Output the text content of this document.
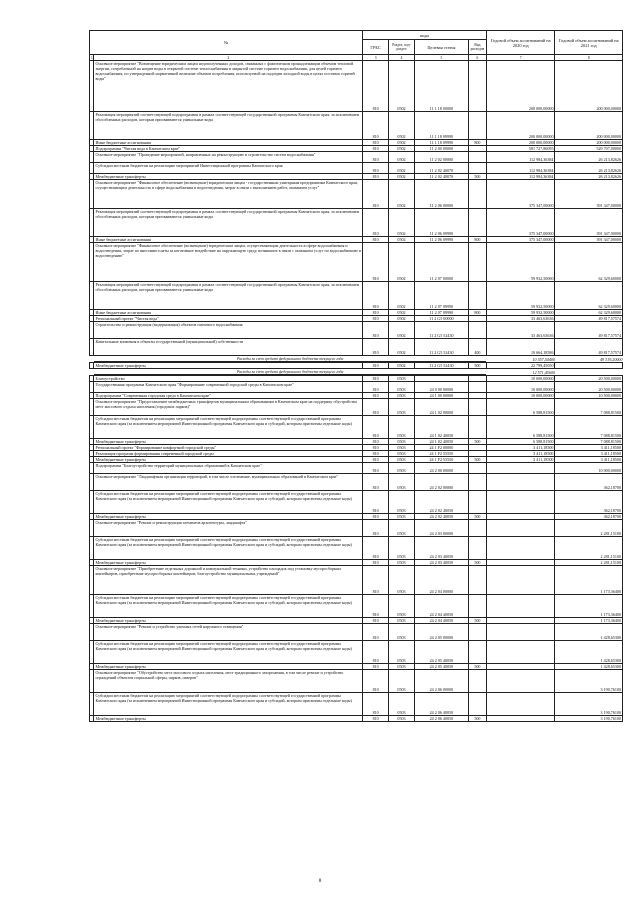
№		коды				Годовой объем ассигнований на 2020 год	Годовой объем ассигнований на 2021 год
		ГРБС	Раздел, под-раздел	Целевая статья	Вид расходов		
1	2	3	4	5	6	7	8
	Основное мероприятие "Возмещение юридическим лицам недополученных доходов, связанных с фактическим принадлежащим объемом тепловой энергии, потребленной на нагрев воды в открытой системе теплоснабжения в закрытой системе горячего водоснабжения, для целей горячего водоснабжения, по утвержденной нормативной величине объемов потребления, используемой на подогрев холодной воды в целях поставок горячей воды"	810	0502	11 1 18 00000		200 000,00000	200 000,00000
	Реализация мероприятий соответствующей подпрограммы в рамках соответствующей государственной программы Камчатского края, за исключением обособленных расходов, которым присваиваются уникальные коды	810	0502	11 1 18 09990		200 000,00000	200 000,00000
	Иные бюджетные ассигнования	810	0502	11 1 18 09990	800	200 000,00000	200 000,00000
	Подпрограмма "Чистая вода в Камчатском крае"	810	0502	11 2 00 00000		581 727,86095	529 707,00000
	Основное мероприятие "Проведение мероприятий, направленных на реконструкцию и строительство систем водоснабжения"	810	0502	11 2 02 00000		112 984,36384	26 213,82626
	Субсидии местным бюджетам на реализацию мероприятий Инвестиционной программы Камчатского края	810	0502	11 2 02 40070		112 984,36384	26 213,82626
	Межбюджетные трансферты	810	0502	11 2 02 40070	500	112 984,36384	26 213,82626
	Основное мероприятие "Финансовое обеспечение (возмещение) юридическим лицам - государственным унитарным предприятиям Камчатского края, осуществляющим деятельность в сфере водоснабжения и водоотведения, затрат в связи с выполнением работ, оказанием услуг"	810	0502	11 2 06 00000		375 347,00000	391 347,00000
	Реализация мероприятий соответствующей подпрограммы в рамках соответствующей государственной программы Камчатского края, за исключением обособленных расходов, которым присваиваются уникальные коды	810	0502	11 2 06 09990		375 347,00000	391 347,00000
	Иные бюджетные ассигнования	810	0502	11 2 06 09990	800	375 347,00000	391 347,00000
	Основное мероприятие "Финансовое обеспечение (возмещение) юридическим лицам, осуществляющим деятельность в сфере водоснабжения и водоотведения, затрат по внесению платы за негативное воздействие на окружающую среду, возникших в связи с оказанием услуг по водоснабжению и водоотведению"	810	0502	11 2 07 00000		59 932,50000	62 329,60000
	Реализация мероприятий соответствующей подпрограммы в рамках соответствующей государственной программы Камчатского края, за исключением обособленных расходов, которым присваиваются уникальные коды	810	0502	11 2 07 09990		59 932,50000	62 329,60000
	Иные бюджетные ассигнования	810	0502	11 2 07 09990	800	59 932,50000	62 329,60000
	Региональный проект "Чистая вода"	810	0502	11 2 G5 00000		33 463,63636	49 817,57574
	Строительство и реконструкция (модернизация) объектов питьевого водоснабжения	810	0502	11 2 G5 52430		33 463,63636	49 817,57574
	Капитальные вложения в объекты государственной (муниципальной) собственности	810	0502	11 2 G5 52430	400	10 664,18586	49 817,57574

	Расходы за счет средств федерального бюджета текущего года					10 557,54400	49 319,20000
	Межбюджетные трансферты	810	0502	11 2 G5 52430	500	22 799,45050	

	Расходы за счет средств федерального бюджета текущего года					12 571,45600	
	Благоустройство	810	0503			10 000,00000	20 500,00000
	Государственная программа Камчатского края "Формирование современной городской среды в Камчатском крае"	810	0503	24 0 00 00000		10 000,00000	20 500,00000
	Подпрограмма "Современная городская среда в Камчатском крае"	810	0503	24 1 00 00000		10 000,00000	10 500,00000
	Основное мероприятие "Предоставление межбюджетных трансфертов муниципальным образованиям в Камчатском крае на поддержку обустройства мест массового отдыха населения (городских парков)"	810	0503	24 1 02 00000		6 588,81500	7 088,81500
	Субсидии местным бюджетам на реализацию мероприятий соответствующей подпрограммы соответствующей государственной программы Камчатского края (за исключением мероприятий Инвестиционной программы Камчатского края и субсидий, которым присвоены отдельные коды)	810	0503	24 1 02 40050		6 588,81500	7 088,81500
	Межбюджетные трансферты	810	0503	24 1 02 40050	500	6 588,81500	7 088,81500
	Региональный проект "Формирование комфортной городской среды"	810	0503	24 1 F2 00000		3 411,18500	3 411,18500
	Реализация программ формирования современной городской среды	810	0503	24 1 F2 55550		3 411,18500	3 411,18500
	Межбюджетные трансферты	810	0503	24 1 F2 55550	500	3 411,18500	3 411,18500
	Подпрограмма "Благоустройство территорий муниципальных образований в Камчатском крае"	810	0503	24 2 00 00000			10 000,00000
	Основное мероприятие "Ландшафтная организация территорий, в том числе озеленение, муниципальных образований в Камчатском крае"	810	0503	24 2 02 00000			362,18700
	Субсидии местным бюджетам на реализацию мероприятий соответствующей подпрограммы соответствующей государственной программы Камчатского края (за исключением мероприятий Инвестиционной программы Камчатского края и субсидий, которым присвоены отдельные коды)	810	0503	24 2 02 40050			362,18700
	Межбюджетные трансферты	810	0503	24 2 02 40050	500		362,18700
	Основное мероприятие "Ремонт и реконструкция элементов архитектуры, ландшафта"	810	0503	24 2 03 00000			2 281,15100
	Субсидии местным бюджетам на реализацию мероприятий соответствующей подпрограммы соответствующей государственной программы Камчатского края (за исключением мероприятий Инвестиционной программы Камчатского края и субсидий, которым присвоены отдельные коды)	810	0503	24 2 03 40050			2 281,15100
	Межбюджетные трансферты	810	0503	24 2 03 40050	500		2 281,15100
	Основное мероприятие "Приобретение отдельных дорожной и коммунальной техники, устройство площадок под установку мусоросборных контейнеров, приобретение мусоросборных контейнеров, благоустройство муниципальных учреждений"	810	0503	24 2 04 00000			1 173,36400
	Субсидии местным бюджетам на реализацию мероприятий соответствующей подпрограммы соответствующей государственной программы Камчатского края (за исключением мероприятий Инвестиционной программы Камчатского края и субсидий, которым присвоены отдельные коды)	810	0503	24 2 04 40050			1 173,36400
	Межбюджетные трансферты	810	0503	24 2 04 40050	500		1 173,36400
	Основное мероприятие "Ремонт и устройство уличных сетей наружного освещения"	810	0503	24 2 05 00000			1 428,65300
	Субсидии местным бюджетам на реализацию мероприятий соответствующей подпрограммы соответствующей государственной программы Камчатского края (за исключением мероприятий Инвестиционной программы Камчатского края и субсидий, которым присвоены отдельные коды)	810	0503	24 2 05 40050			1 428,65300
	Межбюджетные трансферты	810	0503	24 2 05 40050	500		1 428,65300
	Основное мероприятие "Обустройство мест массового отдыха населения, мест традиционного захоронения, в том числе ремонт и устройство ограждений объектов социальной сферы, парков, скверов"	810	0503	24 2 06 00000			3 190,76100
	Субсидии местным бюджетам на реализацию мероприятий соответствующей подпрограммы соответствующей государственной программы Камчатского края (за исключением мероприятий Инвестиционной программы Камчатского края и субсидий, которым присвоены отдельные коды)	810	0503	24 2 06 40050			3 190,76100
	Межбюджетные трансферты	810	0503	24 2 06 40050	500		3 190,76100
8
